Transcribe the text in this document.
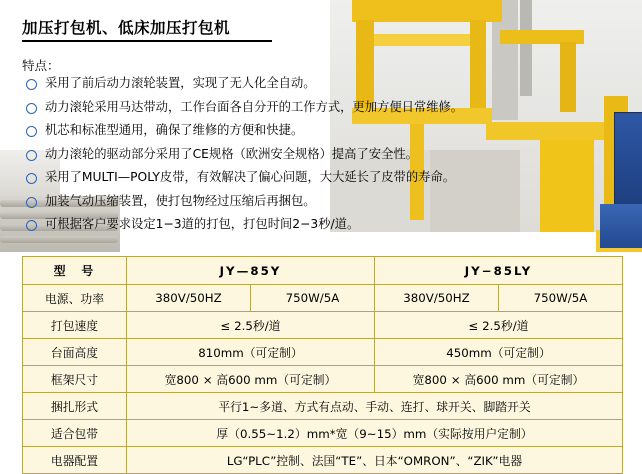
加压打包机、低床加压打包机
特点：
采用了前后动力滚轮装置，实现了无人化全自动。
动力滚轮采用马达带动，工作台面各自分开的工作方式，更加方便日常维修。
机芯和标准型通用，确保了维修的方便和快捷。
动力滚轮的驱动部分采用了CE规格（欧洲安全规格）提高了安全性。
采用了MULTI—POLY皮带，有效解决了偏心问题，大大延长了皮带的寿命。
加装气动压缩装置，使打包物经过压缩后再捆包。
可根据客户要求设定1−3道的打包，打包时间2−3秒/道。
型　号	JY—85Y		JY−85LY	
电源、功率	380V/50HZ	750W/5A	380V/50HZ	750W/5A
打包速度	≤ 2.5秒/道		≤ 2.5秒/道	
台面高度	810mm（可定制）		450mm（可定制）	
框架尺寸	宽800 × 高600 mm（可定制）		宽800 × 高600 mm（可定制）	
捆扎形式	平行1~多道、方式有点动、手动、连打、球开关、脚踏开关			
适合包带	厚（0.55~1.2）mm*宽（9~15）mm（实际按用户定制）			
电器配置	LG“PLC”控制、法国“TE”、日本“OMRON”、“ZIK”电器			
